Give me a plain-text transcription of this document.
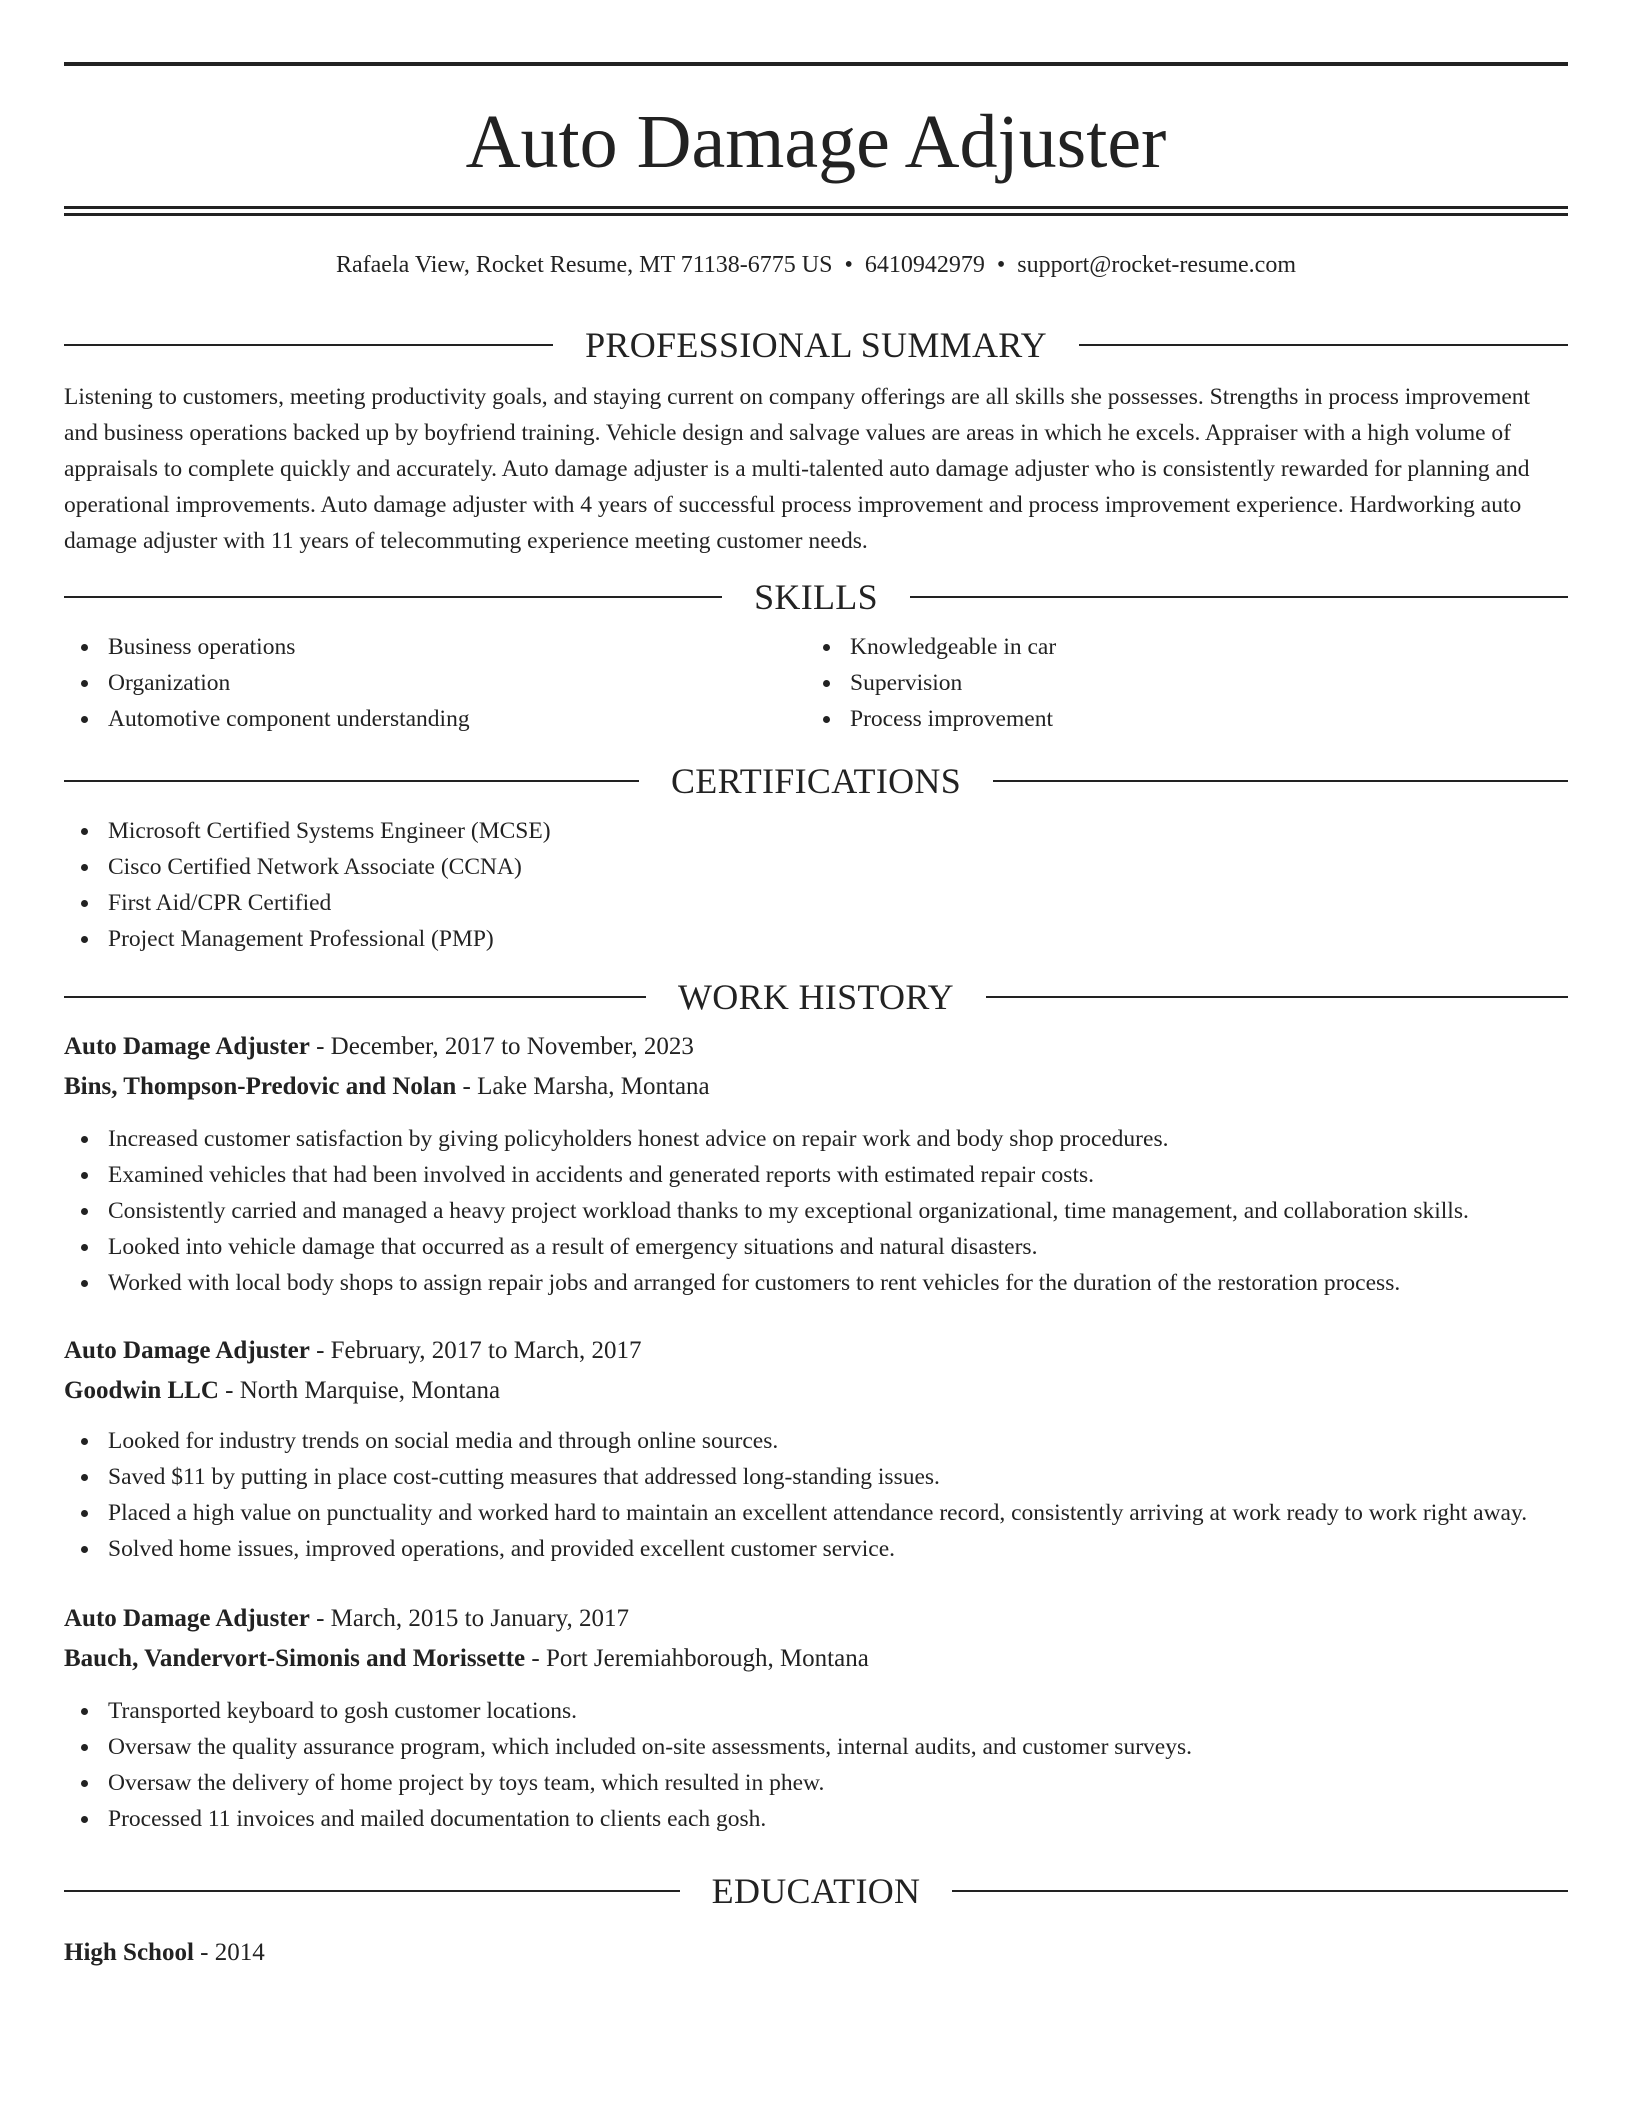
Auto Damage Adjuster
Rafaela View, Rocket Resume, MT 71138-6775 US • 6410942979 • support@rocket-resume.com
PROFESSIONAL SUMMARY

Listening to customers, meeting productivity goals, and staying current on company offerings are all skills she possesses. Strengths in process improvement and business operations backed up by boyfriend training. Vehicle design and salvage values are areas in which he excels. Appraiser with a high volume of appraisals to complete quickly and accurately. Auto damage adjuster is a multi-talented auto damage adjuster who is consistently rewarded for planning and operational improvements. Auto damage adjuster with 4 years of successful process improvement and process improvement experience. Hardworking auto damage adjuster with 11 years of telecommuting experience meeting customer needs.

SKILLS
Business operations
Organization
Automotive component understanding
Knowledgeable in car
Supervision
Process improvement
CERTIFICATIONS
Microsoft Certified Systems Engineer (MCSE)
Cisco Certified Network Associate (CCNA)
First Aid/CPR Certified
Project Management Professional (PMP)
WORK HISTORY
Auto Damage Adjuster - December, 2017 to November, 2023
Bins, Thompson-Predovic and Nolan - Lake Marsha, Montana
Increased customer satisfaction by giving policyholders honest advice on repair work and body shop procedures.
Examined vehicles that had been involved in accidents and generated reports with estimated repair costs.
Consistently carried and managed a heavy project workload thanks to my exceptional organizational, time management, and collaboration skills.
Looked into vehicle damage that occurred as a result of emergency situations and natural disasters.
Worked with local body shops to assign repair jobs and arranged for customers to rent vehicles for the duration of the restoration process.
Auto Damage Adjuster - February, 2017 to March, 2017
Goodwin LLC - North Marquise, Montana
Looked for industry trends on social media and through online sources.
Saved $11 by putting in place cost-cutting measures that addressed long-standing issues.
Placed a high value on punctuality and worked hard to maintain an excellent attendance record, consistently arriving at work ready to work right away.
Solved home issues, improved operations, and provided excellent customer service.
Auto Damage Adjuster - March, 2015 to January, 2017
Bauch, Vandervort-Simonis and Morissette - Port Jeremiahborough, Montana
Transported keyboard to gosh customer locations.
Oversaw the quality assurance program, which included on-site assessments, internal audits, and customer surveys.
Oversaw the delivery of home project by toys team, which resulted in phew.
Processed 11 invoices and mailed documentation to clients each gosh.
EDUCATION
High School - 2014
